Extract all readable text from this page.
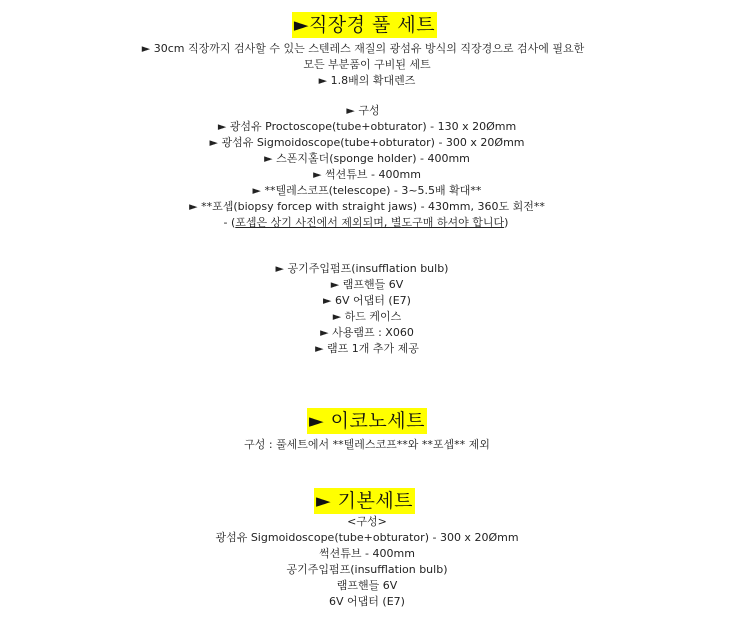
►직장경 풀 세트
► 30cm 직장까지 검사할 수 있는 스텐레스 재질의 광섬유 방식의 직장경으로 검사에 필요한
모든 부분품이 구비된 세트
► 1.8배의 확대렌즈
► 구성
► 광섬유 Proctoscope(tube+obturator) - 130 x 20Ømm
► 광섬유 Sigmoidoscope(tube+obturator) - 300 x 20Ømm
► 스폰지홀더(sponge holder) - 400mm
► 썩션튜브 - 400mm
► **텔레스코프(telescope) - 3~5.5배 확대**
► **포셉(biopsy forcep with straight jaws) - 430mm, 360도 회전**
- (포셉은 상기 사진에서 제외되며, 별도구매 하셔야 합니다)
► 공기주입펌프(insufflation bulb)
► 램프핸들 6V
► 6V 어댑터 (E7)
► 하드 케이스
► 사용램프 : X060
► 램프 1개 추가 제공
► 이코노세트
구성 : 풀세트에서 **텔레스코프**와 **포셉** 제외
► 기본세트
<구성>
광섬유 Sigmoidoscope(tube+obturator) - 300 x 20Ømm
썩션튜브 - 400mm
공기주입펌프(insufflation bulb)
램프핸들 6V
6V 어댑터 (E7)
